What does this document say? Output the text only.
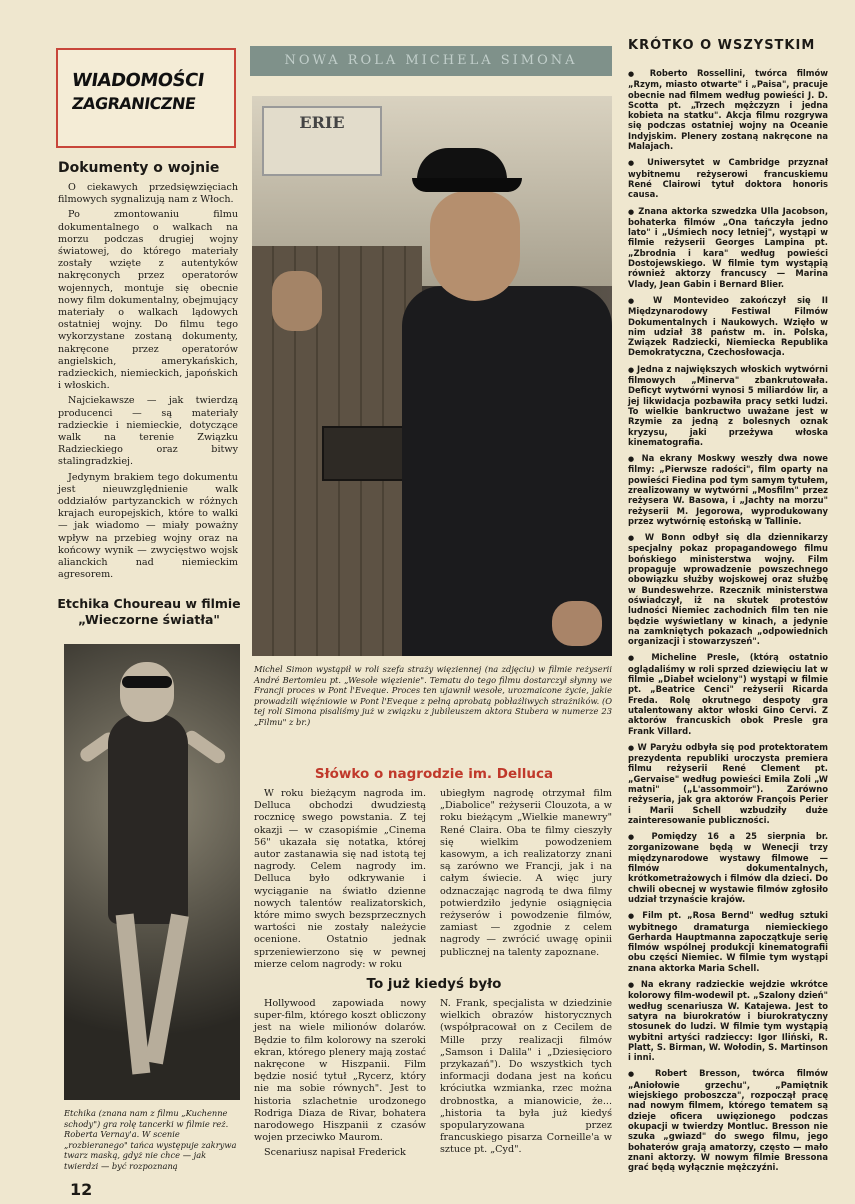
WIADOMOŚCI
ZAGRANICZNE
NOWA ROLA MICHELA SIMONA
KRÓTKO O WSZYSTKIM

● Roberto Rossellini, twórca filmów „Rzym, miasto otwarte" i „Paisa", pracuje obecnie nad filmem według powieści J. D. Scotta pt. „Trzech mężczyzn i jedna kobieta na statku". Akcja filmu rozgrywa się podczas ostatniej wojny na Oceanie Indyjskim. Plenery zostaną nakręcone na Malajach.

● Uniwersytet w Cambridge przyznał wybitnemu reżyserowi francuskiemu René Clairowi tytuł doktora honoris causa.

● Znana aktorka szwedzka Ulla Jacobson, bohaterka filmów „Ona tańczyła jedno lato" i „Uśmiech nocy letniej", wystąpi w filmie reżyserii Georges Lampina pt. „Zbrodnia i kara" według powieści Dostojewskiego. W filmie tym wystąpią również aktorzy francuscy — Marina Vlady, Jean Gabin i Bernard Blier.

● W Montevideo zakończył się II Międzynarodowy Festiwal Filmów Dokumentalnych i Naukowych. Wzięło w nim udział 38 państw m. in. Polska, Związek Radziecki, Niemiecka Republika Demokratyczna, Czechosłowacja.

● Jedna z największych włoskich wytwórni filmowych „Minerva" zbankrutowała. Deficyt wytwórni wynosi 5 miliardów lir, a jej likwidacja pozbawiła pracy setki ludzi. To wielkie bankructwo uważane jest w Rzymie za jedną z bolesnych oznak kryzysu, jaki przeżywa włoska kinematografia.

● Na ekrany Moskwy weszły dwa nowe filmy: „Pierwsze radości", film oparty na powieści Fiedina pod tym samym tytułem, zrealizowany w wytwórni „Mosfilm" przez reżysera W. Basowa, i „Jachty na morzu" reżyserii M. Jegorowa, wyprodukowany przez wytwórnię estońską w Tallinie.

● W Bonn odbył się dla dziennikarzy specjalny pokaz propagandowego filmu bońskiego ministerstwa wojny. Film propaguje wprowadzenie powszechnego obowiązku służby wojskowej oraz służbę w Bundeswehrze. Rzecznik ministerstwa oświadczył, iż na skutek protestów ludności Niemiec zachodnich film ten nie będzie wyświetlany w kinach, a jedynie na zamkniętych pokazach „odpowiednich organizacji i stowarzyszeń".

● Micheline Presle, (którą ostatnio oglądaliśmy w roli sprzed dziewięciu lat w filmie „Diabeł wcielony") wystąpi w filmie pt. „Beatrice Cenci" reżyserii Ricarda Freda. Rolę okrutnego despoty gra utalentowany aktor włoski Gino Cervi. Z aktorów francuskich obok Presle gra Frank Villard.

● W Paryżu odbyła się pod protektoratem prezydenta republiki uroczysta premiera filmu reżyserii René Clement pt. „Gervaise" według powieści Emila Zoli „W matni" („L'assommoir"). Zarówno reżyseria, jak gra aktorów François Perier i Marii Schell wzbudziły duże zainteresowanie publiczności.

● Pomiędzy 16 a 25 sierpnia br. zorganizowane będą w Wenecji trzy międzynarodowe wystawy filmowe — filmów dokumentalnych, krótkometrażowych i filmów dla dzieci. Do chwili obecnej w wystawie filmów zgłosiło udział trzynaście krajów.

● Film pt. „Rosa Bernd" według sztuki wybitnego dramaturga niemieckiego Gerharda Hauptmanna zapoczątkuje serię filmów wspólnej produkcji kinematografii obu części Niemiec. W filmie tym wystąpi znana aktorka Maria Schell.

● Na ekrany radzieckie wejdzie wkrótce kolorowy film-wodewil pt. „Szalony dzień" według scenariusza W. Katajewa. Jest to satyra na biurokratów i biurokratyczny stosunek do ludzi. W filmie tym wystąpią wybitni artyści radzieccy: Igor Iliński, R. Platt, S. Birman, W. Wołodin, S. Martinson i inni.

● Robert Bresson, twórca filmów „Aniołowie grzechu", „Pamiętnik wiejskiego proboszcza", rozpoczął pracę nad nowym filmem, którego tematem są dzieje oficera uwięzionego podczas okupacji w twierdzy Montluc. Bresson nie szuka „gwiazd" do swego filmu, jego bohaterów grają amatorzy, często — mało znani aktorzy. W nowym filmie Bressona grać będą wyłącznie mężczyźni.

Dokumenty o wojnie

O ciekawych przedsięwzięciach filmowych sygnalizują nam z Włoch.

Po zmontowaniu filmu dokumentalnego o walkach na morzu podczas drugiej wojny światowej, do którego materiały zostały wzięte z autentyków nakręconych przez operatorów wojennych, montuje się obecnie nowy film dokumentalny, obejmujący materiały o walkach lądowych ostatniej wojny. Do filmu tego wykorzystane zostaną dokumenty, nakręcone przez operatorów angielskich, amerykańskich, radzieckich, niemieckich, japońskich i włoskich.

Najciekawsze — jak twierdzą producenci — są materiały radzieckie i niemieckie, dotyczące walk na terenie Związku Radzieckiego oraz bitwy stalingradzkiej.

Jedynym brakiem tego dokumentu jest nieuwzględnienie walk oddziałów partyzanckich w różnych krajach europejskich, które to walki — jak wiadomo — miały poważny wpływ na przebieg wojny oraz na końcowy wynik — zwycięstwo wojsk alianckich nad niemieckim agresorem.

Etchika Choureau w filmie
„Wieczorne światła"
Etchika (znana nam z filmu „Kuchenne schody") gra rolę tancerki w filmie reż. Roberta Vernay'a. W scenie „rozbieranego" tańca występuje zakrywa twarz maską, gdyż nie chce — jak twierdzi — być rozpoznaną
ERIE
Michel Simon wystąpił w roli szefa straży więziennej (na zdjęciu) w filmie reżyserii André Bertomieu pt. „Wesołe więzienie". Tematu do tego filmu dostarczył słynny we Francji proces w Pont l'Eveque. Proces ten ujawnił wesołe, urozmaicone życie, jakie prowadzili więźniowie w Pont l'Eveque z pełną aprobatą pobłażliwych strażników. (O tej roli Simona pisaliśmy już w związku z jubileuszem aktora Stubera w numerze 23 „Filmu" z br.)
Słówko o nagrodzie im. Delluca

W roku bieżącym nagroda im. Delluca obchodzi dwudziestą rocznicę swego powstania. Z tej okazji — w czasopiśmie „Cinema 56" ukazała się notatka, której autor zastanawia się nad istotą tej nagrody. Celem nagrody im. Delluca było odkrywanie i wyciąganie na światło dzienne nowych talentów realizatorskich, które mimo swych bezsprzecznych wartości nie zostały należycie ocenione. Ostatnio jednak sprzeniewierzono się w pewnej mierze celom nagrody: w roku

ubiegłym nagrodę otrzymał film „Diabolice" reżyserii Clouzota, a w roku bieżącym „Wielkie manewry" René Claira. Oba te filmy cieszyły się wielkim powodzeniem kasowym, a ich realizatorzy znani są zarówno we Francji, jak i na całym świecie. A więc jury odznaczając nagrodą te dwa filmy potwierdziło jedynie osiągnięcia reżyserów i powodzenie filmów, zamiast — zgodnie z celem nagrody — zwrócić uwagę opinii publicznej na talenty zapoznane.

To już kiedyś było

Hollywood zapowiada nowy super-film, którego koszt obliczony jest na wiele milionów dolarów. Będzie to film kolorowy na szeroki ekran, którego plenery mają zostać nakręcone w Hiszpanii. Film będzie nosić tytuł „Rycerz, który nie ma sobie równych". Jest to historia szlachetnie urodzonego Rodriga Diaza de Rivar, bohatera narodowego Hiszpanii z czasów wojen przeciwko Maurom.

Scenariusz napisał Frederick

N. Frank, specjalista w dziedzinie wielkich obrazów historycznych (współpracował on z Cecilem de Mille przy realizacji filmów „Samson i Dalila" i „Dziesięciorо przykazań"). Do wszystkich tych informacji dodana jest na końcu króciutka wzmianka, rzec można drobnostka, a mianowicie, że... „historia ta była już kiedyś spopularyzowana przez francuskiego pisarza Corneille'a w sztuce pt. „Cyd".

12
